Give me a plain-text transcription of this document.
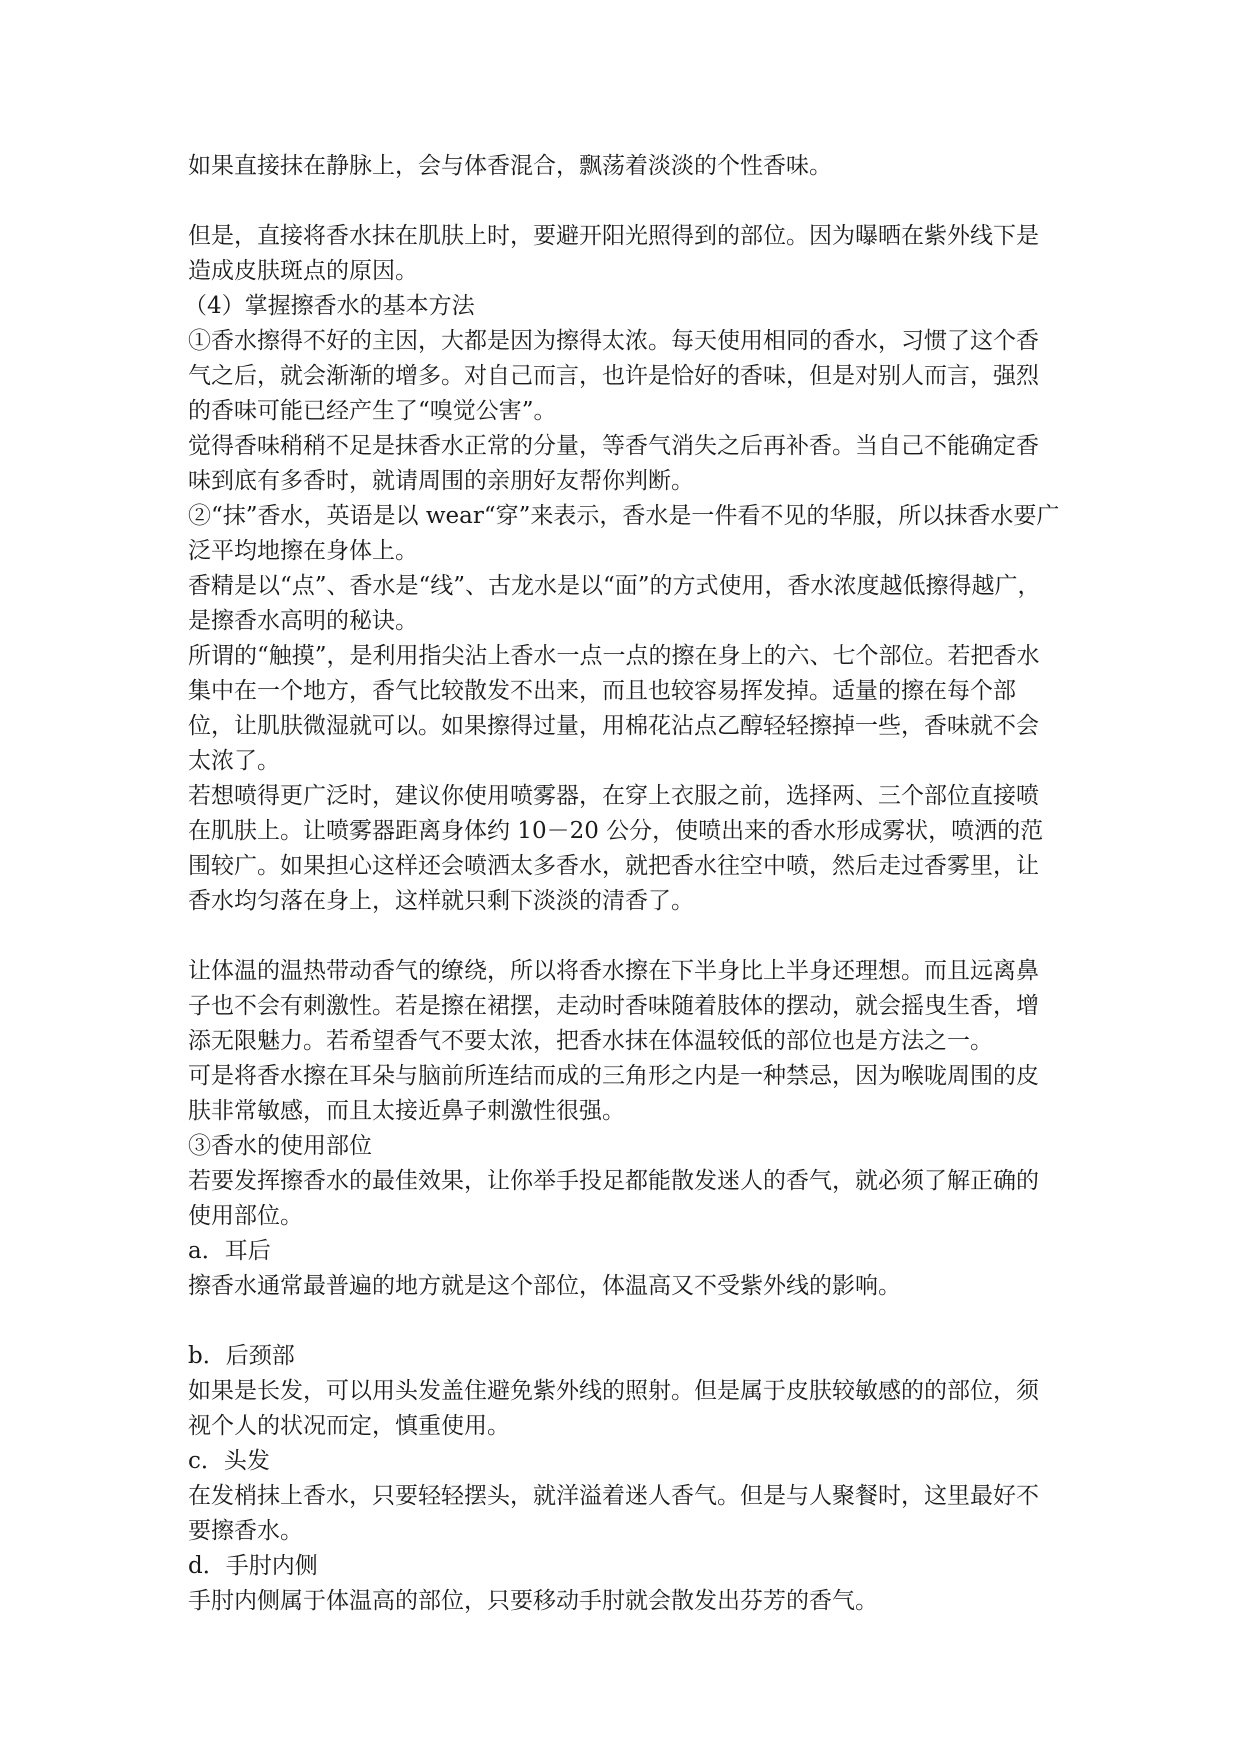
如果直接抹在静脉上，会与体香混合，飘荡着淡淡的个性香味。

但是，直接将香水抹在肌肤上时，要避开阳光照得到的部位。因为曝晒在紫外线下是造成皮肤斑点的原因。

（4）掌握擦香水的基本方法

①香水擦得不好的主因，大都是因为擦得太浓。每天使用相同的香水，习惯了这个香气之后，就会渐渐的增多。对自己而言，也许是恰好的香味，但是对别人而言，强烈的香味可能已经产生了“嗅觉公害”。

觉得香味稍稍不足是抹香水正常的分量，等香气消失之后再补香。当自己不能确定香味到底有多香时，就请周围的亲朋好友帮你判断。

②“抹”香水，英语是以 wear“穿”来表示，香水是一件看不见的华服，所以抹香水要广泛平均地擦在身体上。

香精是以“点”、香水是“线”、古龙水是以“面”的方式使用，香水浓度越低擦得越广，是擦香水高明的秘诀。

所谓的“触摸”，是利用指尖沾上香水一点一点的擦在身上的六、七个部位。若把香水集中在一个地方，香气比较散发不出来，而且也较容易挥发掉。适量的擦在每个部位，让肌肤微湿就可以。如果擦得过量，用棉花沾点乙醇轻轻擦掉一些，香味就不会太浓了。

若想喷得更广泛时，建议你使用喷雾器，在穿上衣服之前，选择两、三个部位直接喷在肌肤上。让喷雾器距离身体约 10－20 公分，使喷出来的香水形成雾状，喷洒的范围较广。如果担心这样还会喷洒太多香水，就把香水往空中喷，然后走过香雾里，让香水均匀落在身上，这样就只剩下淡淡的清香了。

让体温的温热带动香气的缭绕，所以将香水擦在下半身比上半身还理想。而且远离鼻子也不会有刺激性。若是擦在裙摆，走动时香味随着肢体的摆动，就会摇曳生香，增添无限魅力。若希望香气不要太浓，把香水抹在体温较低的部位也是方法之一。

可是将香水擦在耳朵与脑前所连结而成的三角形之内是一种禁忌，因为喉咙周围的皮肤非常敏感，而且太接近鼻子刺激性很强。

③香水的使用部位

若要发挥擦香水的最佳效果，让你举手投足都能散发迷人的香气，就必须了解正确的使用部位。

a．耳后

擦香水通常最普遍的地方就是这个部位，体温高又不受紫外线的影响。

b．后颈部

如果是长发，可以用头发盖住避免紫外线的照射。但是属于皮肤较敏感的的部位，须视个人的状况而定，慎重使用。

c．头发

在发梢抹上香水，只要轻轻摆头，就洋溢着迷人香气。但是与人聚餐时，这里最好不要擦香水。

d．手肘内侧

手肘内侧属于体温高的部位，只要移动手肘就会散发出芬芳的香气。
